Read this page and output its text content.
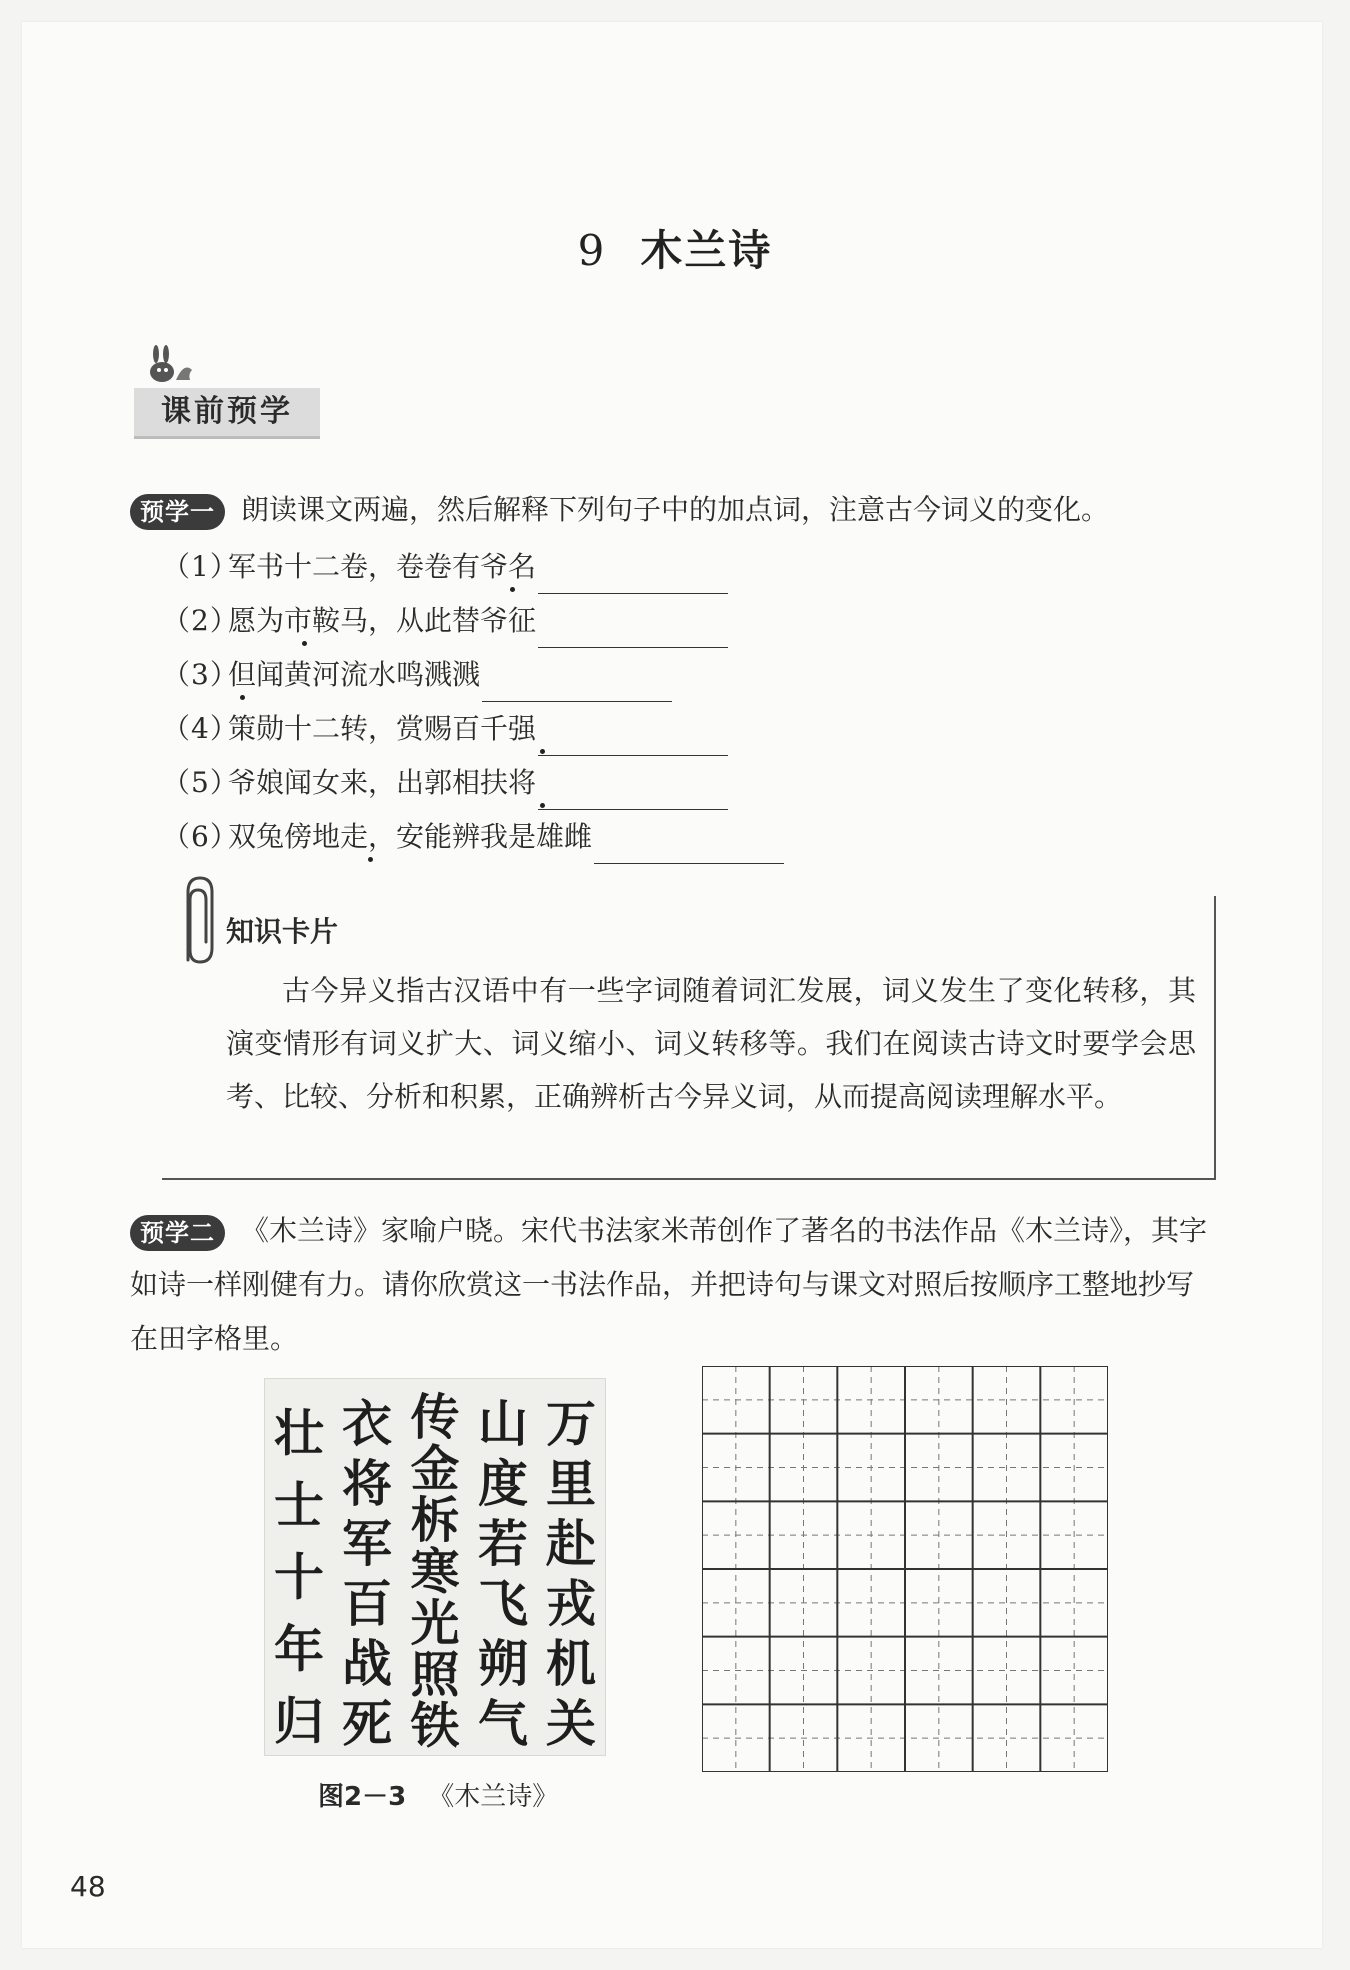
9 木兰诗
课前预学
预学一 朗读课文两遍，然后解释下列句子中的加点词，注意古今词义的变化。
（1）军书十二卷，卷卷有爷名
（2）愿为市鞍马，从此替爷征
（3）但闻黄河流水鸣溅溅
（4）策勋十二转，赏赐百千强
（5）爷娘闻女来，出郭相扶将
（6）双兔傍地走，安能辨我是雄雌
知识卡片
古今异义指古汉语中有一些字词随着词汇发展，词义发生了变化转移，其演变情形有词义扩大、词义缩小、词义转移等。我们在阅读古诗文时要学会思考、比较、分析和积累，正确辨析古今异义词，从而提高阅读理解水平。
预学二 《木兰诗》家喻户晓。宋代书法家米芾创作了著名的书法作品《木兰诗》，其字如诗一样刚健有力。请你欣赏这一书法作品，并把诗句与课文对照后按顺序工整地抄写在田字格里。
万
里
赴
戎
机
关
山
度
若
飞
朔
气
传
金
柝
寒
光
照
铁
衣
将
军
百
战
死
壮
士
十
年
归
图2－3 《木兰诗》
48
